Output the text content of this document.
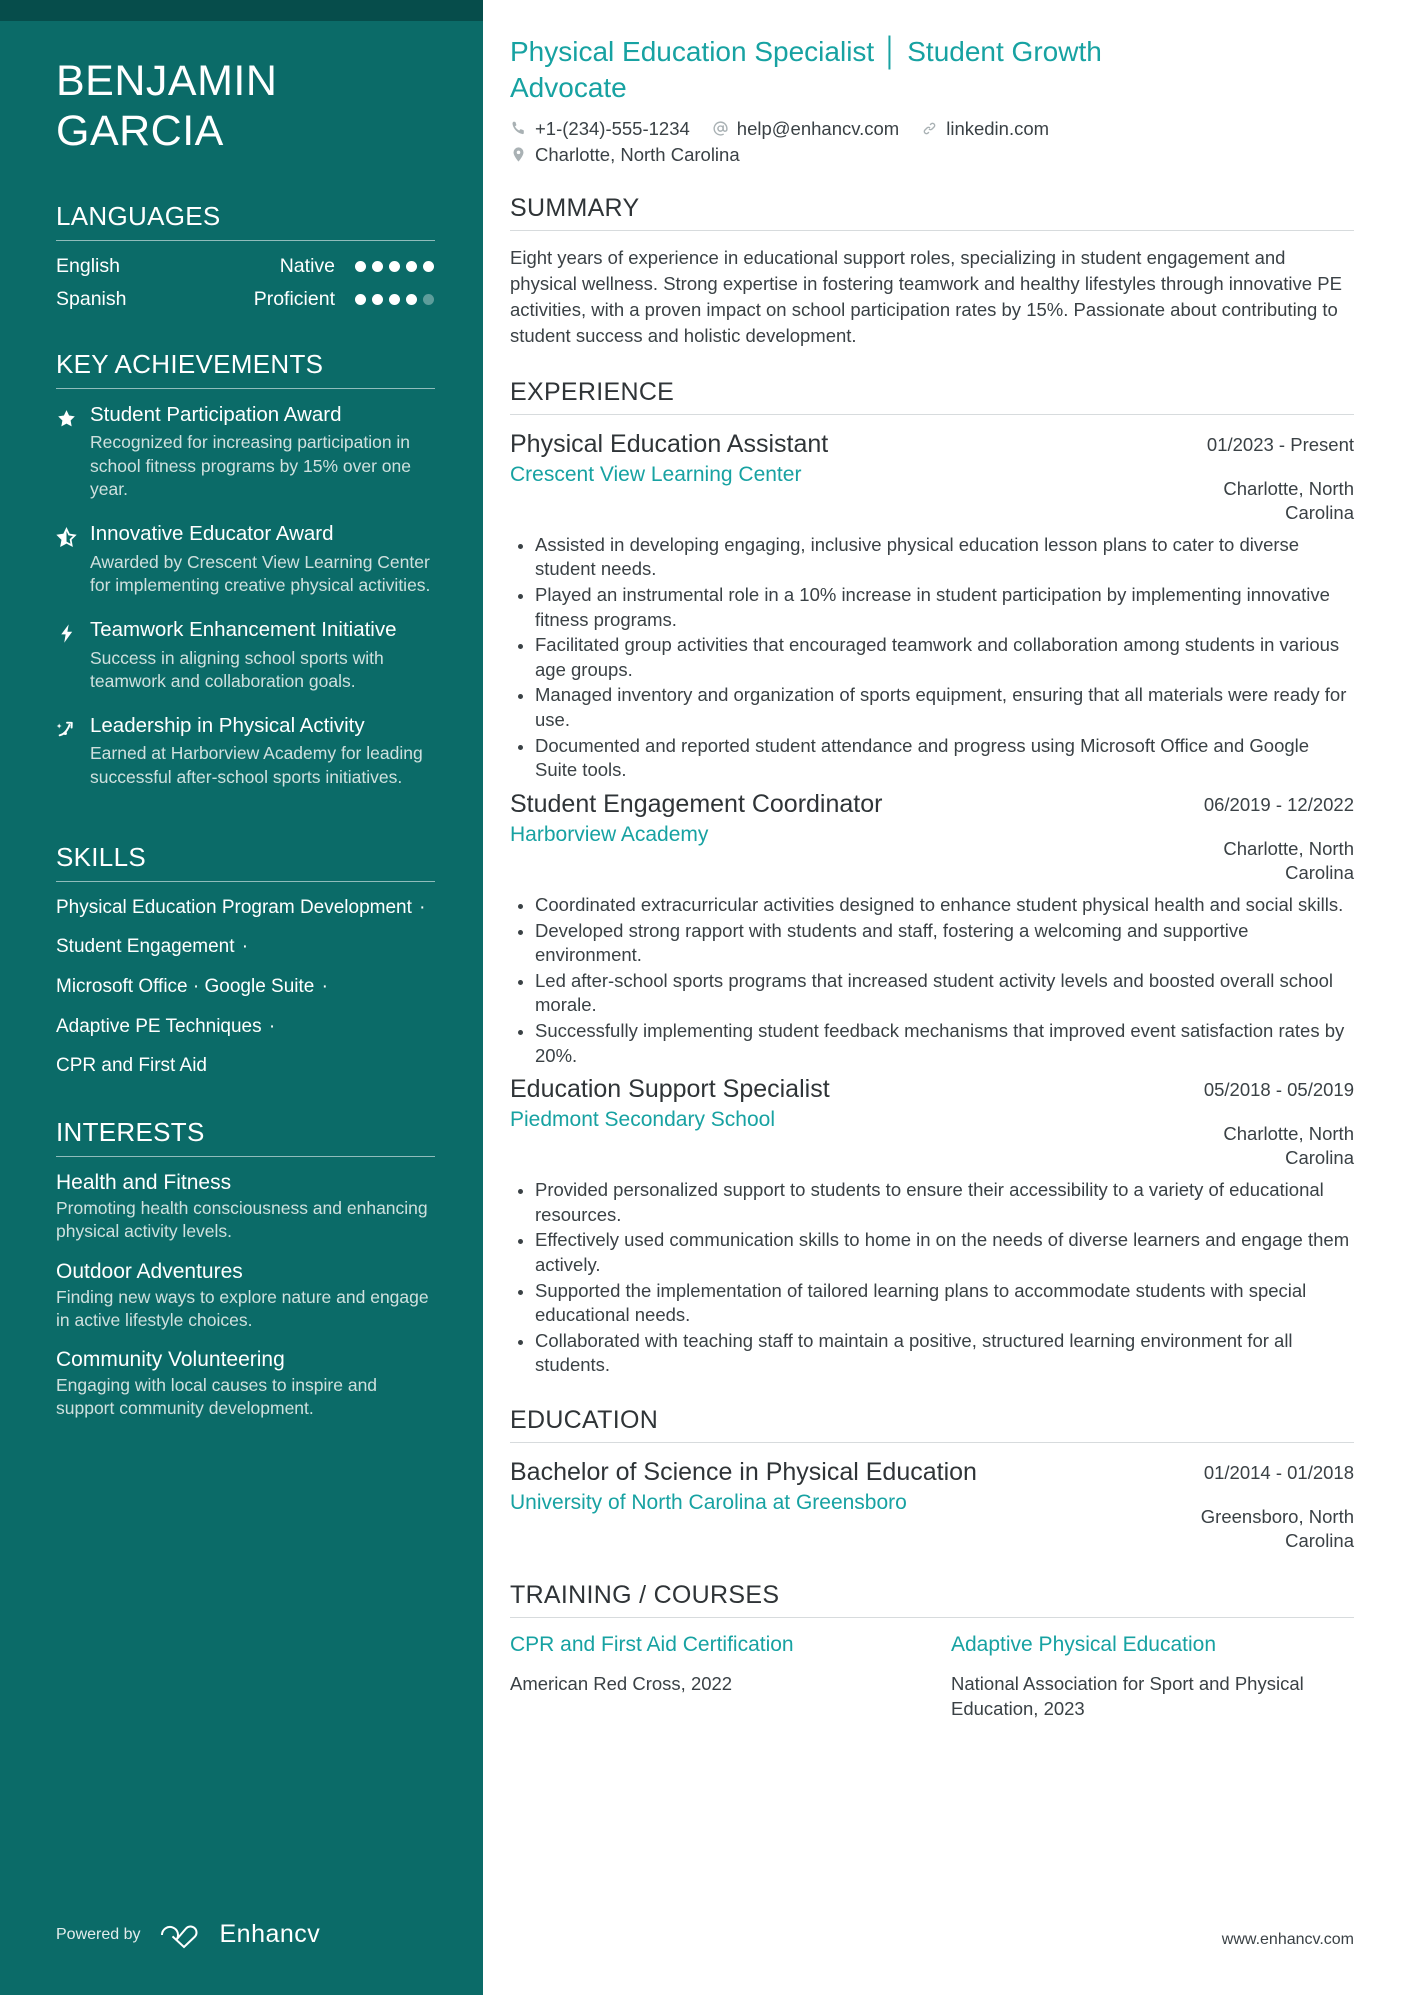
BENJAMIN
GARCIA
LANGUAGES
English	Native
Spanish	Proficient
KEY ACHIEVEMENTS
Student Participation Award
Recognized for increasing participation in school fitness programs by 15% over one year.
Innovative Educator Award
Awarded by Crescent View Learning Center for implementing creative physical activities.
Teamwork Enhancement Initiative
Success in aligning school sports with teamwork and collaboration goals.
Leadership in Physical Activity
Earned at Harborview Academy for leading successful after-school sports initiatives.
SKILLS
Physical Education Program Development ·
Student Engagement ·
Microsoft Office · Google Suite ·
Adaptive PE Techniques ·
CPR and First Aid
INTERESTS
Health and Fitness
Promoting health consciousness and enhancing physical activity levels.
Outdoor Adventures
Finding new ways to explore nature and engage in active lifestyle choices.
Community Volunteering
Engaging with local causes to inspire and support community development.
Powered by	Enhancv
Physical Education Specialist │ Student Growth Advocate
+1-(234)-555-1234	help@enhancv.com	linkedin.com
Charlotte, North Carolina
SUMMARY

Eight years of experience in educational support roles, specializing in student engagement and physical wellness. Strong expertise in fostering teamwork and healthy lifestyles through innovative PE activities, with a proven impact on school participation rates by 15%. Passionate about contributing to student success and holistic development.

EXPERIENCE
Physical Education Assistant
Crescent View Learning Center
01/2023 - Present
Charlotte, North Carolina
Assisted in developing engaging, inclusive physical education lesson plans to cater to diverse student needs.
Played an instrumental role in a 10% increase in student participation by implementing innovative fitness programs.
Facilitated group activities that encouraged teamwork and collaboration among students in various age groups.
Managed inventory and organization of sports equipment, ensuring that all materials were ready for use.
Documented and reported student attendance and progress using Microsoft Office and Google Suite tools.
Student Engagement Coordinator
Harborview Academy
06/2019 - 12/2022
Charlotte, North Carolina
Coordinated extracurricular activities designed to enhance student physical health and social skills.
Developed strong rapport with students and staff, fostering a welcoming and supportive environment.
Led after-school sports programs that increased student activity levels and boosted overall school morale.
Successfully implementing student feedback mechanisms that improved event satisfaction rates by 20%.
Education Support Specialist
Piedmont Secondary School
05/2018 - 05/2019
Charlotte, North Carolina
Provided personalized support to students to ensure their accessibility to a variety of educational resources.
Effectively used communication skills to home in on the needs of diverse learners and engage them actively.
Supported the implementation of tailored learning plans to accommodate students with special educational needs.
Collaborated with teaching staff to maintain a positive, structured learning environment for all students.
EDUCATION
Bachelor of Science in Physical Education
University of North Carolina at Greensboro
01/2014 - 01/2018
Greensboro, North Carolina
TRAINING / COURSES
CPR and First Aid Certification
American Red Cross, 2022
Adaptive Physical Education
National Association for Sport and Physical Education, 2023
www.enhancv.com
